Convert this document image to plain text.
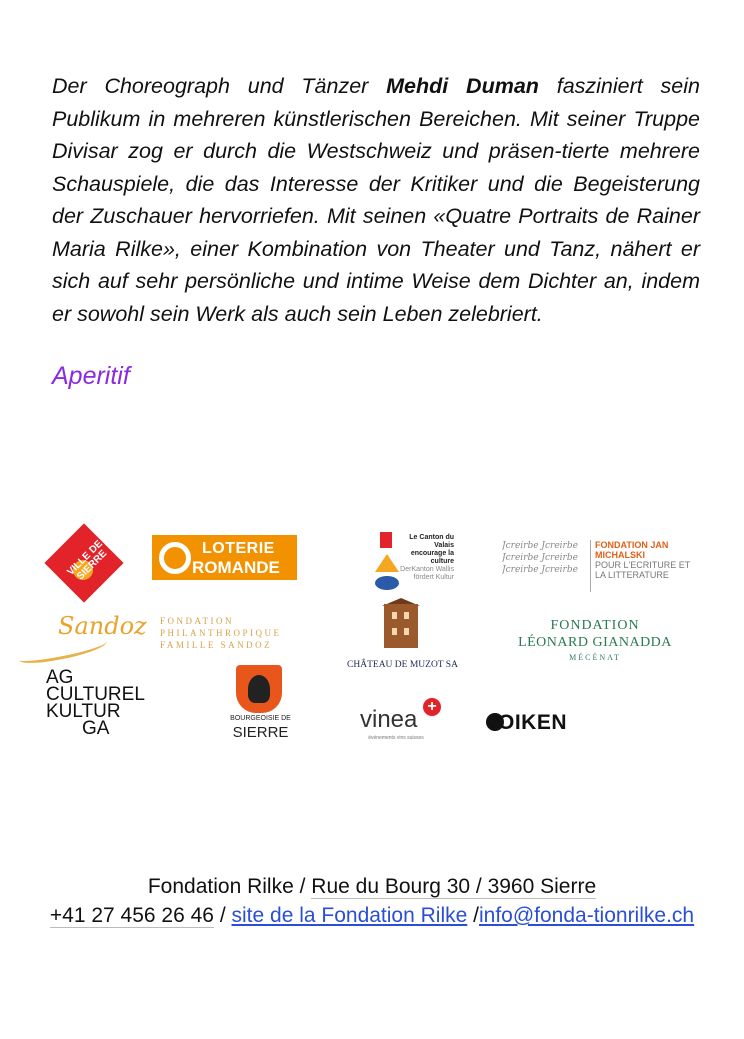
Der Choreograph und Tänzer Mehdi Duman fasziniert sein Publikum in mehreren künstlerischen Bereichen. Mit seiner Truppe Divisar zog er durch die Westschweiz und präsen-tierte mehrere Schauspiele, die das Interesse der Kritiker und die Begeisterung der Zuschauer hervorriefen. Mit seinen «Quatre Portraits de Rainer Maria Rilke», einer Kombination von Theater und Tanz, nähert er sich auf sehr persönliche und intime Weise dem Dichter an, indem er sowohl sein Werk als auch sein Leben zelebriert.

Aperitif
VILLE DE SIERRE	LOTERIE
ROMANDE
Le Canton du Valais encourage la culture
DerKanton Wallis fördert Kultur
Jcreirbe Jcreirbe Jcreirbe Jcreirbe Jcreirbe Jcreirbe
FONDATION JAN MICHALSKI
POUR L'ECRITURE ET LA LITTERATURE
Sandoz FONDATION PHILANTHROPIQUE FAMILLE SANDOZ
CHÂTEAU DE MUZOT SA
FONDATION
LÉONARD GIANADDA
MÉCÉNAT
AG
CULTUREL
KULTUR
GA	BOURGEOISIE DE
SIERRE	vinea +
événements vins suisses
OIKEN
Fondation Rilke / Rue du Bourg 30 / 3960 Sierre
+41 27 456 26 46 / site de la Fondation Rilke /info@fonda-tionrilke.ch
